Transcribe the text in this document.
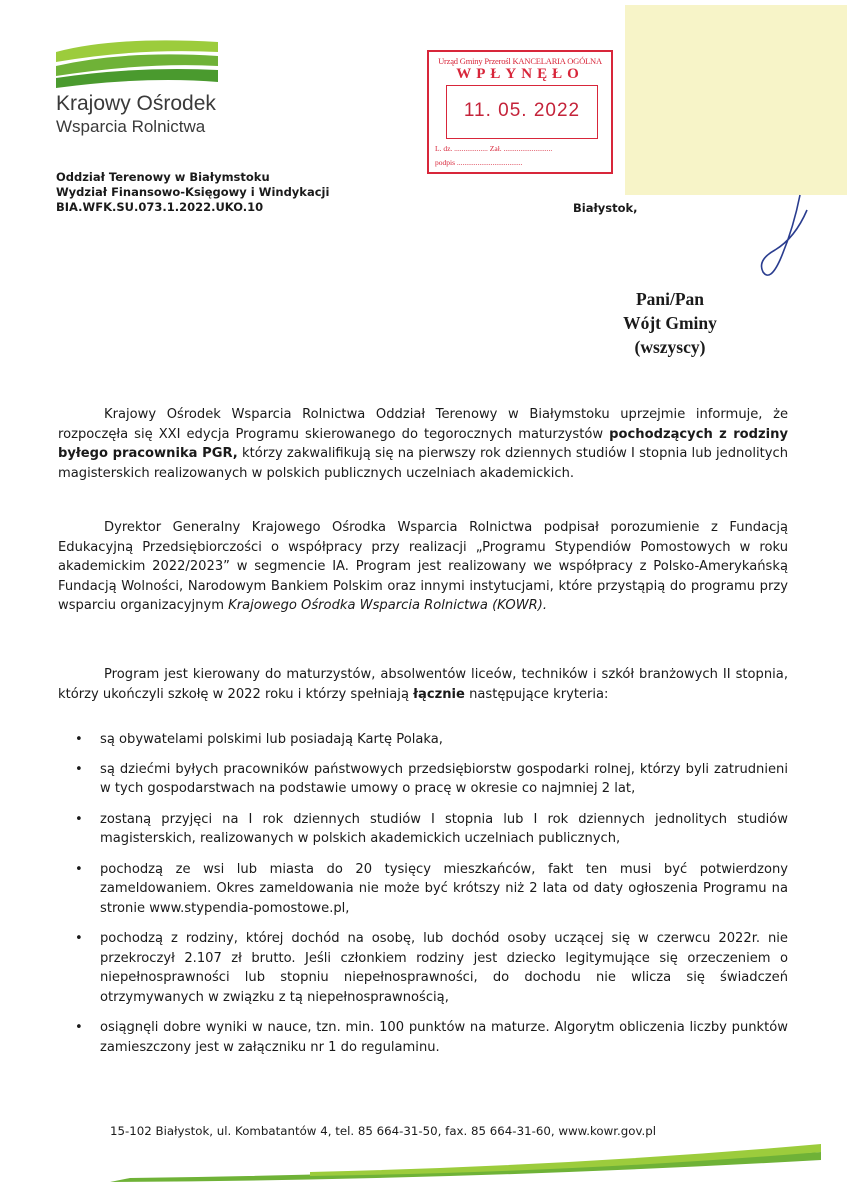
Krajowy Ośrodek
Wsparcia Rolnictwa
Urząd Gminy Przerośl KANCELARIA OGÓLNA
WPŁYNĘŁO
11. 05. 2022
L. dz. .................. Zał. ..........................
podpis ...................................
Oddział Terenowy w Białymstoku
Wydział Finansowo-Księgowy i Windykacji
BIA.WFK.SU.073.1.2022.UKO.10	Białystok,
Pani/Pan
Wójt Gminy
(wszyscy)
Krajowy Ośrodek Wsparcia Rolnictwa Oddział Terenowy w Białymstoku uprzejmie informuje, że rozpoczęła się XXI edycja Programu skierowanego do tegorocznych maturzystów pochodzących z rodziny byłego pracownika PGR, którzy zakwalifikują się na pierwszy rok dziennych studiów I stopnia lub jednolitych magisterskich realizowanych w polskich publicznych uczelniach akademickich.
Dyrektor Generalny Krajowego Ośrodka Wsparcia Rolnictwa podpisał porozumienie z Fundacją Edukacyjną Przedsiębiorczości o współpracy przy realizacji „Programu Stypendiów Pomostowych w roku akademickim 2022/2023” w segmencie IA. Program jest realizowany we współpracy z Polsko-Amerykańską Fundacją Wolności, Narodowym Bankiem Polskim oraz innymi instytucjami, które przystąpią do programu przy wsparciu organizacyjnym Krajowego Ośrodka Wsparcia Rolnictwa (KOWR).
Program jest kierowany do maturzystów, absolwentów liceów, techników i szkół branżowych II stopnia, którzy ukończyli szkołę w 2022 roku i którzy spełniają łącznie następujące kryteria:
• są obywatelami polskimi lub posiadają Kartę Polaka,
• są dziećmi byłych pracowników państwowych przedsiębiorstw gospodarki rolnej, którzy byli zatrudnieni w tych gospodarstwach na podstawie umowy o pracę w okresie co najmniej 2 lat,
• zostaną przyjęci na I rok dziennych studiów I stopnia lub I rok dziennych jednolitych studiów magisterskich, realizowanych w polskich akademickich uczelniach publicznych,
• pochodzą ze wsi lub miasta do 20 tysięcy mieszkańców, fakt ten musi być potwierdzony zameldowaniem. Okres zameldowania nie może być krótszy niż 2 lata od daty ogłoszenia Programu na stronie www.stypendia-pomostowe.pl,
• pochodzą z rodziny, której dochód na osobę, lub dochód osoby uczącej się w czerwcu 2022r. nie przekroczył 2.107 zł brutto. Jeśli członkiem rodziny jest dziecko legitymujące się orzeczeniem o niepełnosprawności lub stopniu niepełnosprawności, do dochodu nie wlicza się świadczeń otrzymywanych w związku z tą niepełnosprawnością,
• osiągnęli dobre wyniki w nauce, tzn. min. 100 punktów na maturze. Algorytm obliczenia liczby punktów zamieszczony jest w załączniku nr 1 do regulaminu.
15-102 Białystok, ul. Kombatantów 4, tel. 85 664-31-50, fax. 85 664-31-60, www.kowr.gov.pl
